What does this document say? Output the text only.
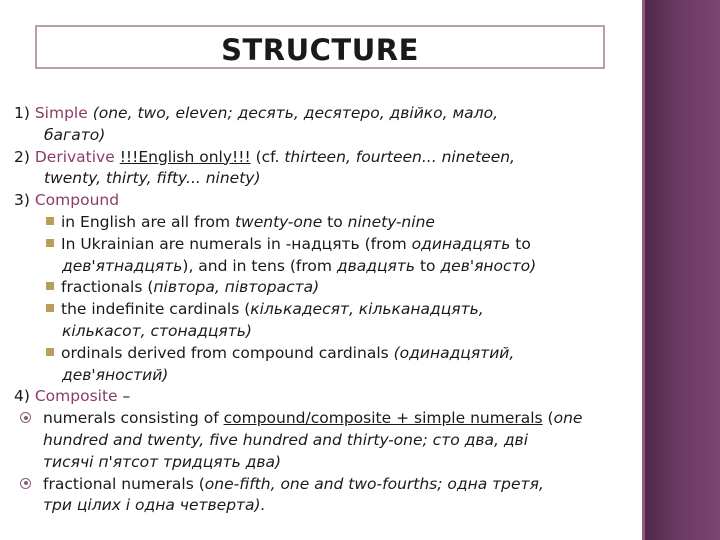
STRUCTURE
1) Simple (one, two, eleven; десять, десятеро, двійко, мало,
багато)
2) Derivative !!!English only!!! (cf. thirteen, fourteen... nineteen,
twenty, thirty, fifty... ninety)
3) Compound
in English are all from twenty-one to ninety-nine
In Ukrainian are numerals in -надцять (from одинадцять to
дев'ятнадцять), and in tens (from двадцять to дев'яносто)
fractionals (півтора, півтораста)
the indefinite cardinals (кількадесят, кільканадцять,
кількасот, стонадцять)
ordinals derived from compound cardinals (одинадцятий,
дев'яностий)
4) Composite –
numerals consisting of compound/composite + simple numerals (one
hundred and twenty, five hundred and thirty-one; сто два, дві
тисячі п'ятсот тридцять два)
fractional numerals (one-fifth, one and two-fourths; одна третя,
три цілих і одна четверта).
